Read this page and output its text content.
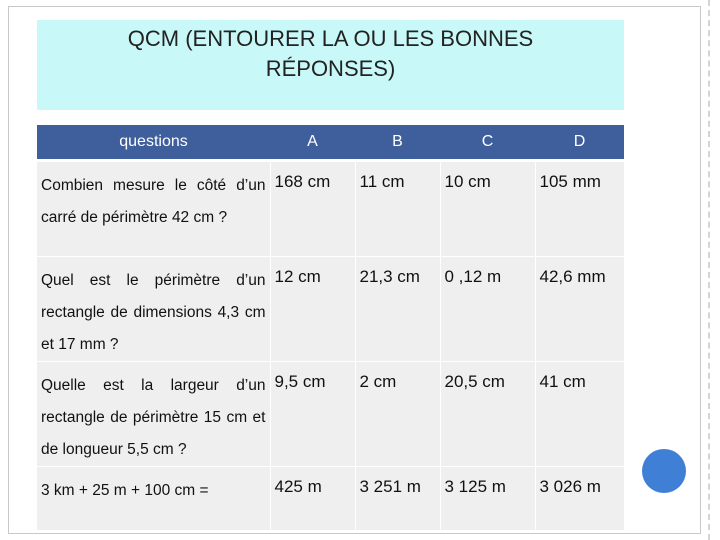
QCM (ENTOURER LA OU LES BONNES
RÉPONSES)
questions	A	B	C	D
Combien mesure le côté d’un carré de périmètre 42 cm ?	168 cm	11 cm	10 cm	105 mm
Quel est le périmètre d’un rectangle de dimensions 4,3 cm et 17 mm ?	12 cm	21,3 cm	0 ,12 m	42,6 mm
Quelle est la largeur d’un rectangle de périmètre 15 cm et de longueur 5,5 cm ?	9,5 cm	2 cm	20,5 cm	41 cm
3 km + 25 m + 100 cm =	425 m	3 251 m	3 125 m	3 026 m
